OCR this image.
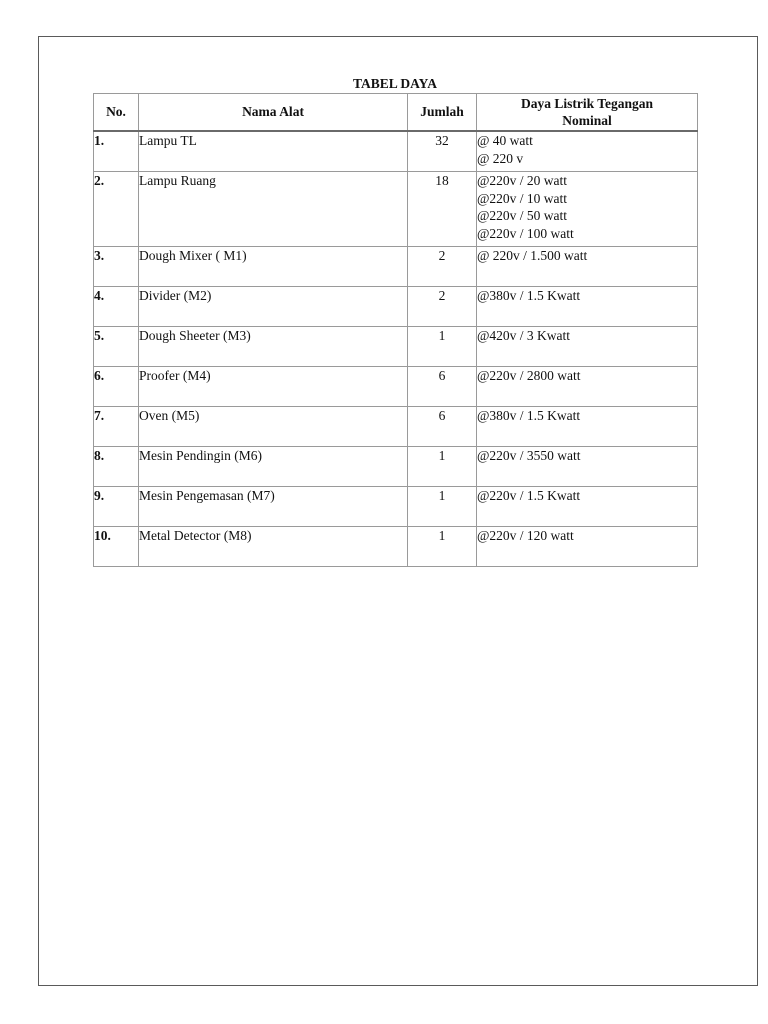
TABEL DAYA
No.	Nama Alat	Jumlah	Daya Listrik Tegangan
Nominal

1.	Lampu TL	32	@ 40 watt
@ 220 v

2.	Lampu Ruang	18	@220v / 20 watt
@220v / 10 watt
@220v / 50 watt
@220v / 100 watt

3.	Dough Mixer ( M1)	2	@ 220v / 1.500 watt

4.	Divider (M2)	2	@380v / 1.5 Kwatt

5.	Dough Sheeter (M3)	1	@420v / 3 Kwatt

6.	Proofer (M4)	6	@220v / 2800 watt

7.	Oven (M5)	6	@380v / 1.5 Kwatt

8.	Mesin Pendingin (M6)	1	@220v / 3550 watt

9.	Mesin Pengemasan (M7)	1	@220v / 1.5 Kwatt

10.	Metal Detector (M8)	1	@220v / 120 watt
